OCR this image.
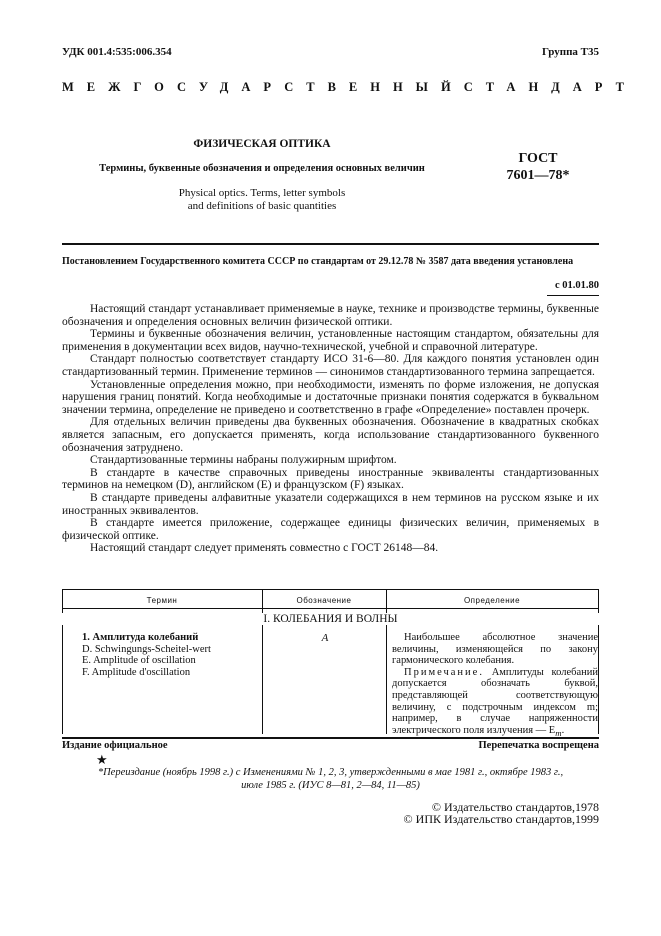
УДК 001.4:535:006.354	Группа Т35
МЕЖГОСУДАРСТВЕННЫЙ СТАНДАРТ
ФИЗИЧЕСКАЯ ОПТИКА
Термины, буквенные обозначения и определения основных величин
Physical optics. Terms, letter symbols
and definitions of basic quantities
ГОСТ
7601—78*
Постановлением Государственного комитета СССР по стандартам от 29.12.78 № 3587 дата введения установлена
с 01.01.80

Настоящий стандарт устанавливает применяемые в науке, технике и производстве термины, буквенные обозначения и определения основных величин физической оптики.

Термины и буквенные обозначения величин, установленные настоящим стандартом, обязательны для применения в документации всех видов, научно-технической, учебной и справочной литературе.

Стандарт полностью соответствует стандарту ИСО 31-6—80. Для каждого понятия установлен один стандартизованный термин. Применение терминов — синонимов стандартизованного термина запрещается.

Установленные определения можно, при необходимости, изменять по форме изложения, не допуская нарушения границ понятий. Когда необходимые и достаточные признаки понятия содержатся в буквальном значении термина, определение не приведено и соответственно в графе «Определение» поставлен прочерк.

Для отдельных величин приведены два буквенных обозначения. Обозначение в квадратных скобках является запасным, его допускается применять, когда использование стандартизованного буквенного обозначения затруднено.

Стандартизованные термины набраны полужирным шрифтом.

В стандарте в качестве справочных приведены иностранные эквиваленты стандартизованных терминов на немецком (D), английском (E) и французском (F) языках.

В стандарте приведены алфавитные указатели содержащихся в нем терминов на русском языке и их иностранных эквивалентов.

В стандарте имеется приложение, содержащее единицы физических величин, применяемых в физической оптике.

Настоящий стандарт следует применять совместно с ГОСТ 26148—84.

Термин	Обозначение	Определение
I. КОЛЕБАНИЯ И ВОЛНЫ
1. Амплитуда колебаний
D. Schwingungs-Scheitel-wert
E. Amplitude of oscillation
F. Amplitude d'oscillation
A	Наибольшее абсолютное значение величины, изменяющейся по закону гармонического колебания.

Примечание. Амплитуды колебаний допускается обозначать буквой, представляющей соответствующую величину, с подстрочным индексом m; например, в случае напряженности электрического поля излучения — $E_m$.

Издание официальное	Перепечатка воспрещена
★
*Переиздание (ноябрь 1998 г.) с Изменениями № 1, 2, 3, утвержденными в мае 1981 г., октябре 1983 г.,
июле 1985 г. (ИУС 8—81, 2—84, 11—85)
© Издательство стандартов,1978
© ИПК Издательство стандартов,1999
